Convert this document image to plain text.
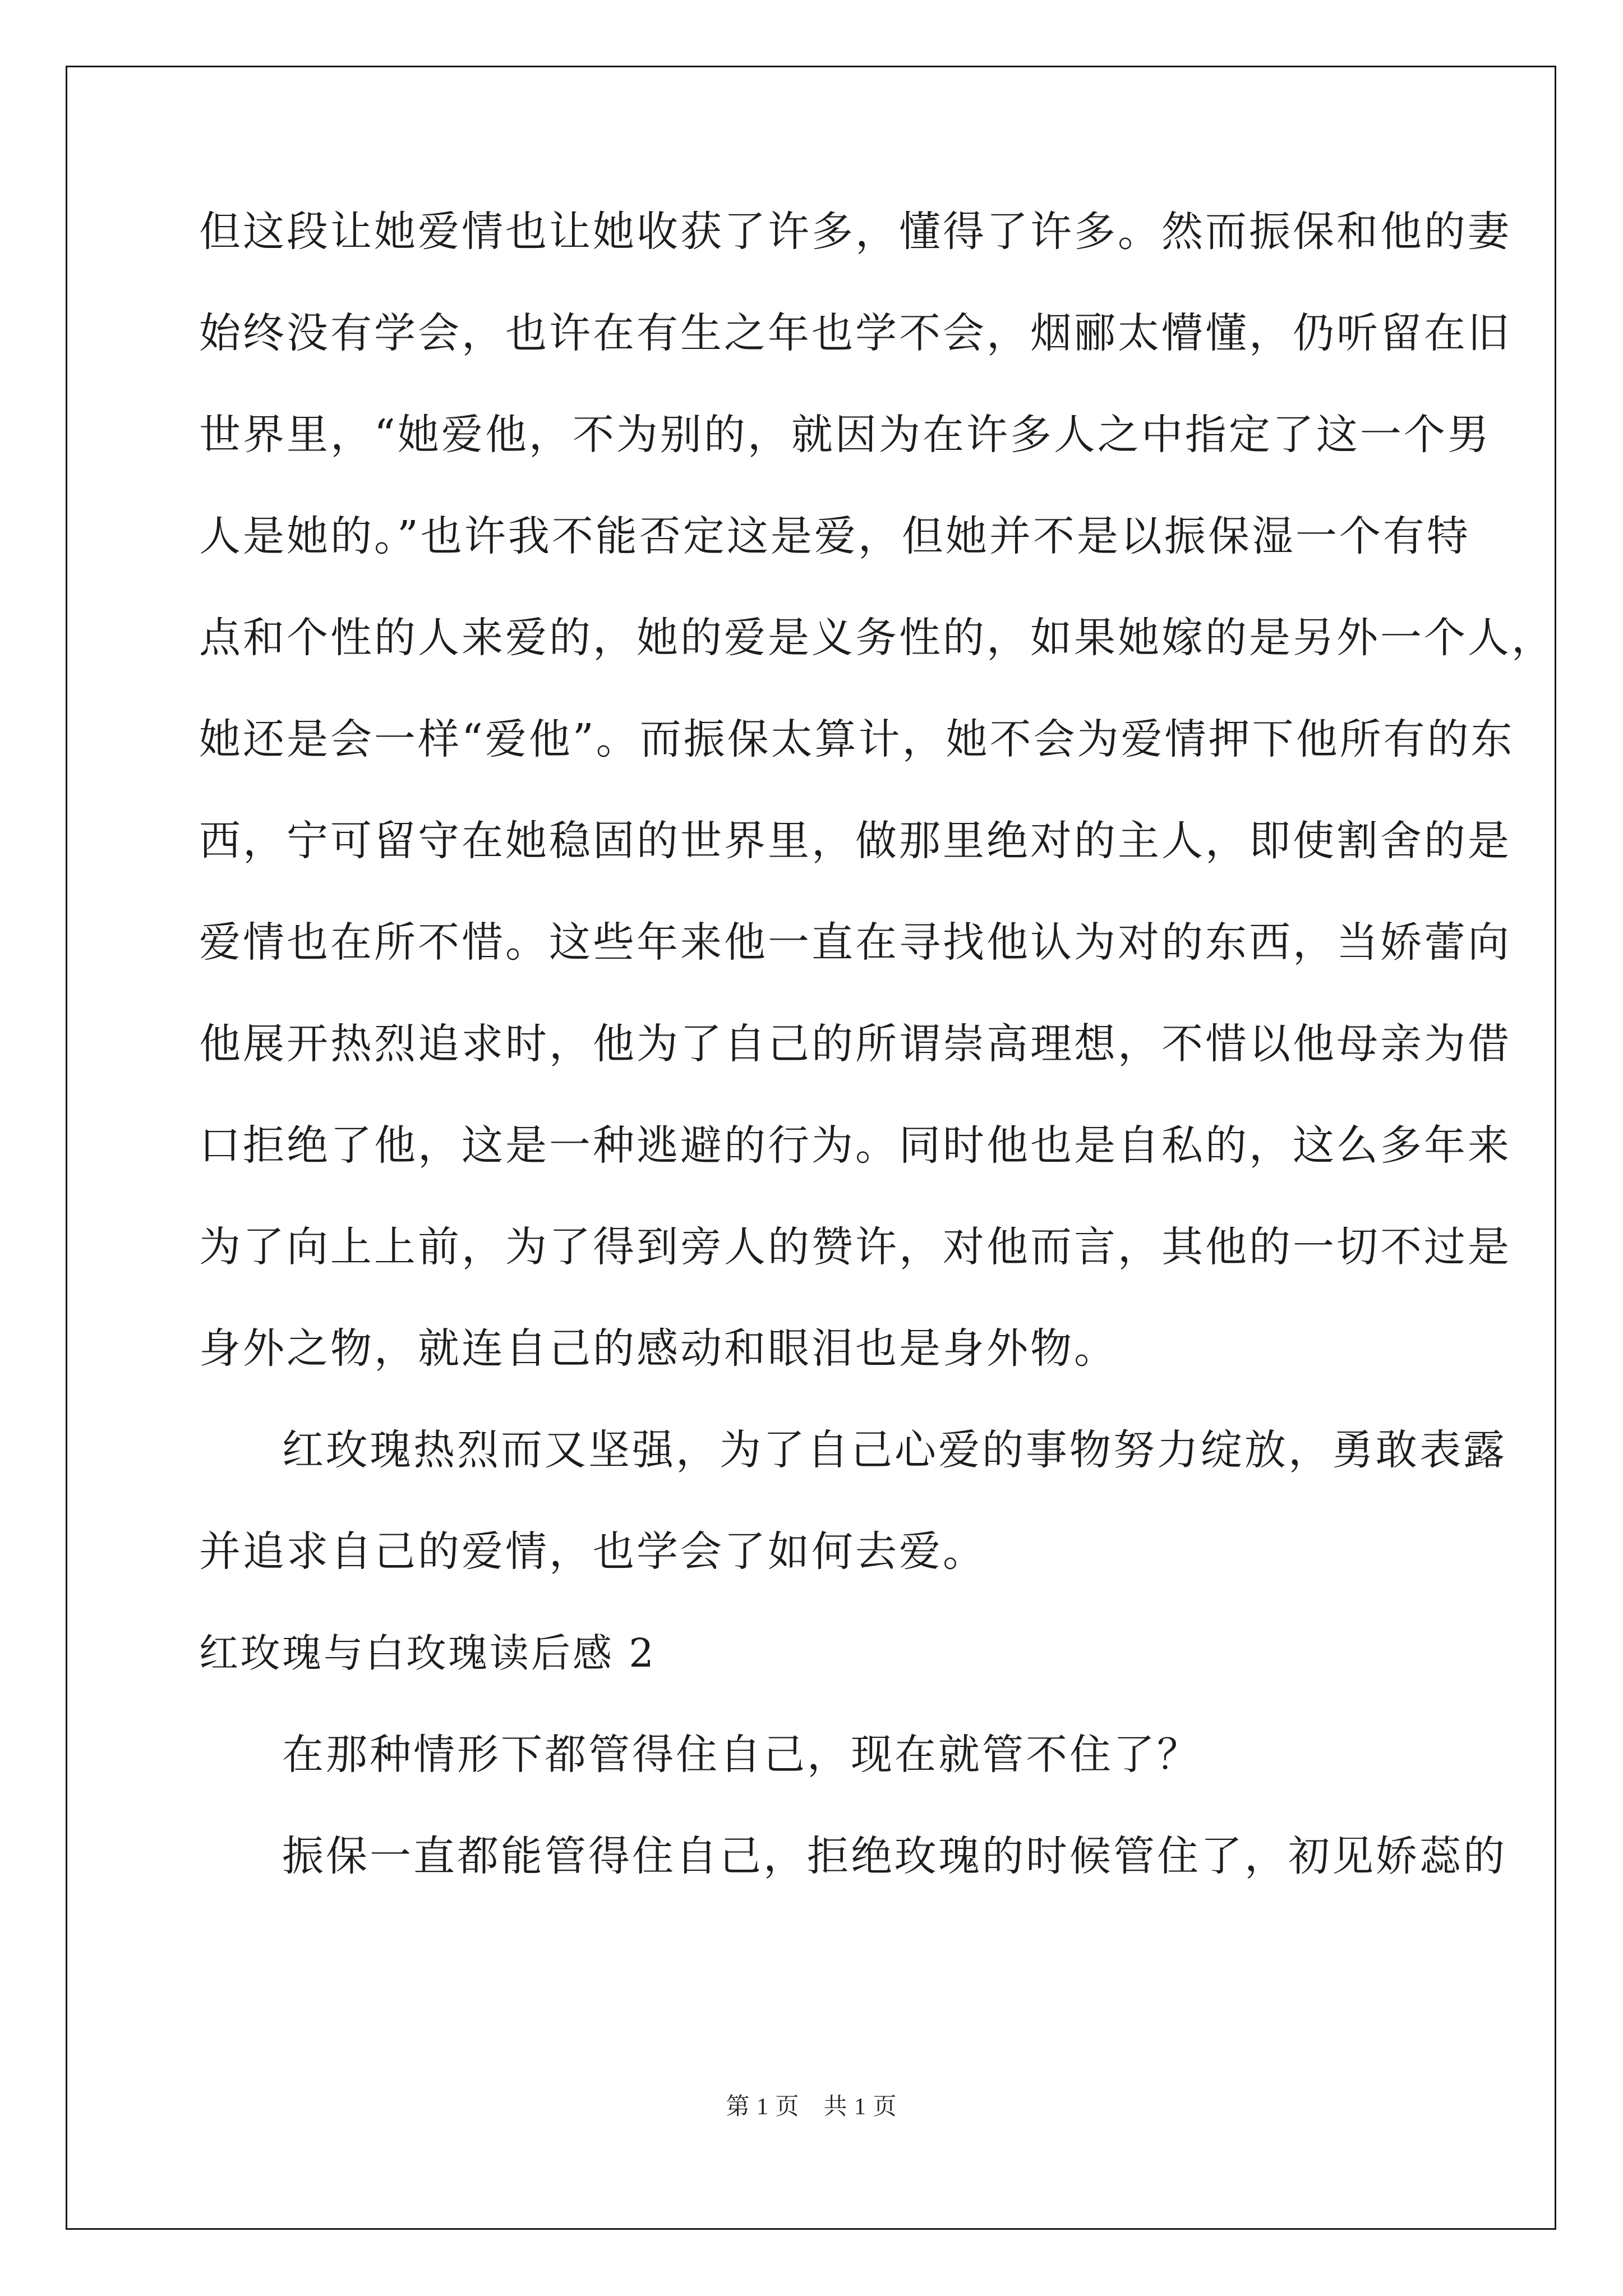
但这段让她爱情也让她收获了许多，懂得了许多。然而振保和他的妻
始终没有学会，也许在有生之年也学不会，烟郦太懵懂，仍听留在旧
世界里，“她爱他，不为别的，就因为在许多人之中指定了这一个男
人是她的。”也许我不能否定这是爱，但她并不是以振保湿一个有特
点和个性的人来爱的，她的爱是义务性的，如果她嫁的是另外一个人，
她还是会一样“爱他”。而振保太算计，她不会为爱情押下他所有的东
西，宁可留守在她稳固的世界里，做那里绝对的主人，即使割舍的是
爱情也在所不惜。这些年来他一直在寻找他认为对的东西，当娇蕾向
他展开热烈追求时，他为了自己的所谓崇高理想，不惜以他母亲为借
口拒绝了他，这是一种逃避的行为。同时他也是自私的，这么多年来
为了向上上前，为了得到旁人的赞许，对他而言，其他的一切不过是
身外之物，就连自己的感动和眼泪也是身外物。
红玫瑰热烈而又坚强，为了自己心爱的事物努力绽放，勇敢表露
并追求自己的爱情，也学会了如何去爱。
红玫瑰与白玫瑰读后感 2
在那种情形下都管得住自己，现在就管不住了？
振保一直都能管得住自己，拒绝玫瑰的时候管住了，初见娇蕊的
第 1 页　共 1 页
